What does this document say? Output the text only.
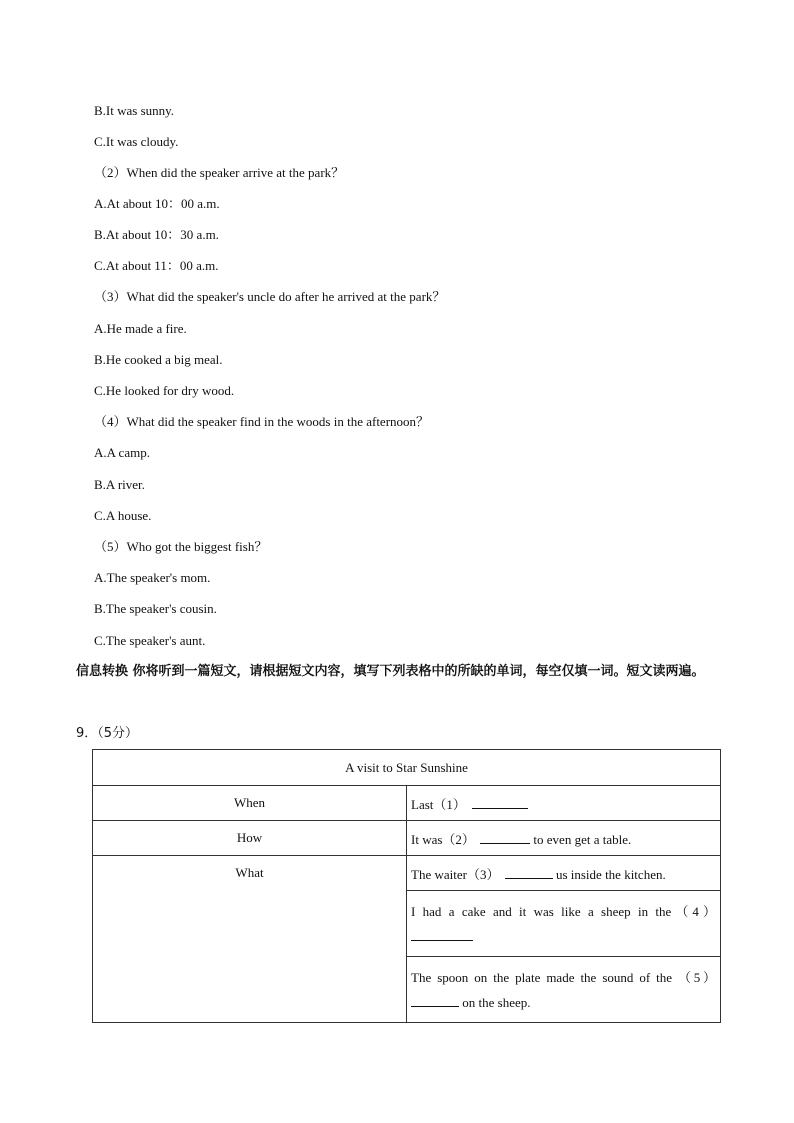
B.It was sunny.
C.It was cloudy.
（2）When did the speaker arrive at the park？
A.At about 10：00 a.m.
B.At about 10：30 a.m.
C.At about 11：00 a.m.
（3）What did the speaker's uncle do after he arrived at the park？
A.He made a fire.
B.He cooked a big meal.
C.He looked for dry wood.
（4）What did the speaker find in the woods in the afternoon？
A.A camp.
B.A river.
C.A house.
（5）Who got the biggest fish？
A.The speaker's mom.
B.The speaker's cousin.
C.The speaker's aunt.
信息转换 你将听到一篇短文，请根据短文内容，填写下列表格中的所缺的单词，每空仅填一词。短文读两遍。
9．（5分）
A visit to Star Sunshine	
When	Last（1）
How	It was（2） to even get a table.
What	The waiter（3） us inside the kitchen.

	I had a cake and it was like a sheep in the（4）

	The spoon on the plate made the sound of the （5）
on the sheep.
